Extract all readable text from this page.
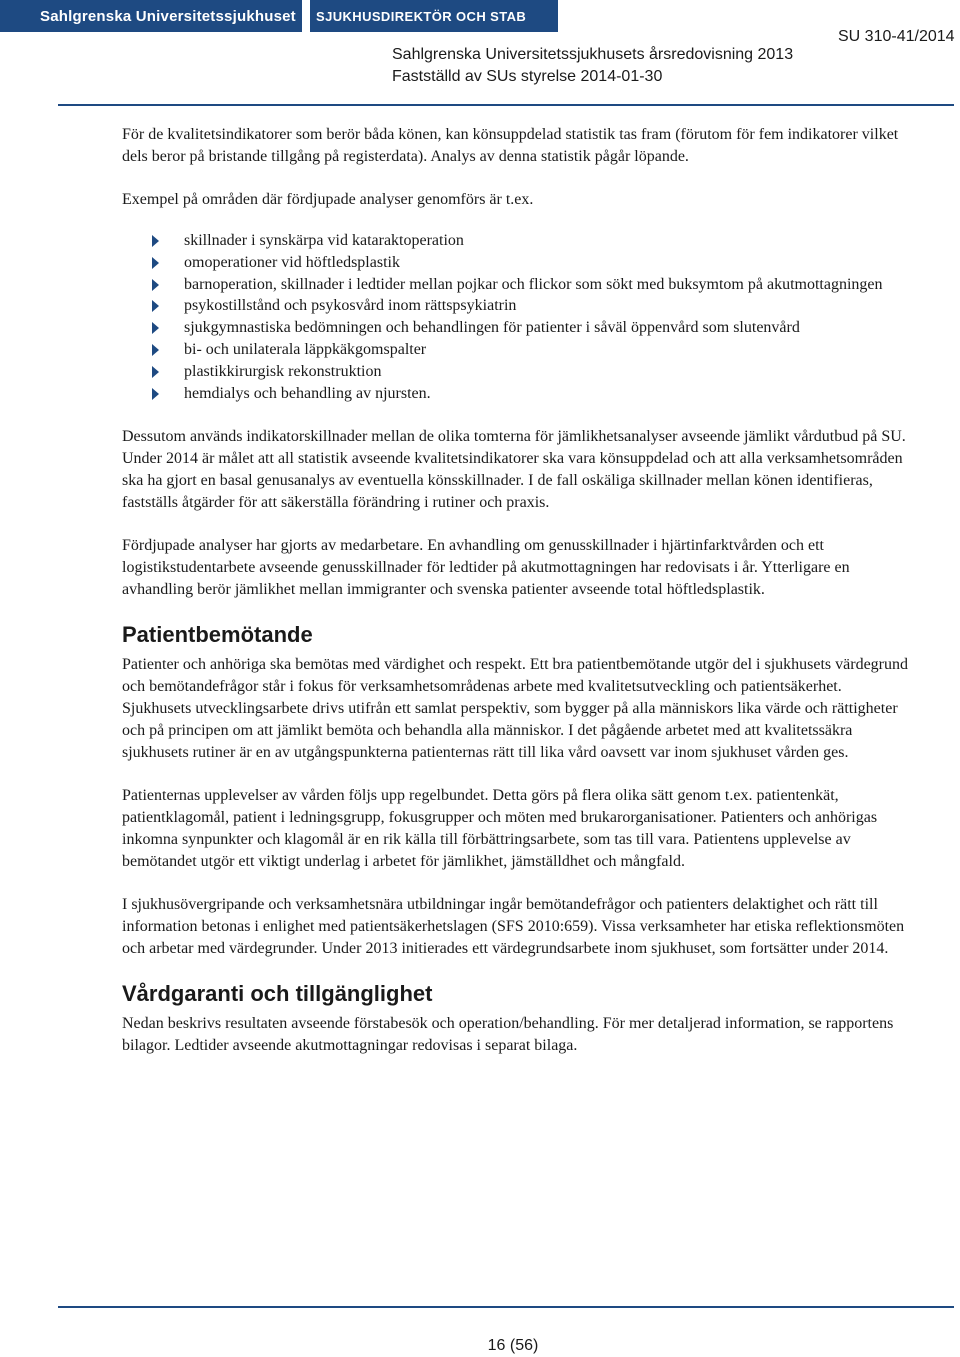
Sahlgrenska Universitetssjukhuset	SJUKHUSDIREKTÖR OCH STAB
SU 310-41/2014
Sahlgrenska Universitetssjukhusets årsredovisning 2013
Fastställd av SUs styrelse 2014-01-30

För de kvalitetsindikatorer som berör båda könen, kan könsuppdelad statistik tas fram (förutom för fem indikatorer vilket dels beror på bristande tillgång på registerdata). Analys av denna statistik pågår löpande.

Exempel på områden där fördjupade analyser genomförs är t.ex.

skillnader i synskärpa vid kataraktoperation
omoperationer vid höftledsplastik
barnoperation, skillnader i ledtider mellan pojkar och flickor som sökt med buksymtom på akutmottagningen
psykostillstånd och psykosvård inom rättspsykiatrin
sjukgymnastiska bedömningen och behandlingen för patienter i såväl öppenvård som slutenvård
bi- och unilaterala läppkäkgomspalter
plastikkirurgisk rekonstruktion
hemdialys och behandling av njursten.

Dessutom används indikatorskillnader mellan de olika tomterna för jämlikhetsanalyser avseende jämlikt vårdutbud på SU. Under 2014 är målet att all statistik avseende kvalitetsindikatorer ska vara könsuppdelad och att alla verksamhetsområden ska ha gjort en basal genusanalys av eventuella könsskillnader. I de fall oskäliga skillnader mellan könen identifieras, fastställs åtgärder för att säkerställa förändring i rutiner och praxis.

Fördjupade analyser har gjorts av medarbetare. En avhandling om genusskillnader i hjärtinfarktvården och ett logistikstudentarbete avseende genusskillnader för ledtider på akutmottagningen har redovisats i år. Ytterligare en avhandling berör jämlikhet mellan immigranter och svenska patienter avseende total höftledsplastik.

Patientbemötande

Patienter och anhöriga ska bemötas med värdighet och respekt. Ett bra patientbemötande utgör del i sjukhusets värdegrund och bemötandefrågor står i fokus för verksamhetsområdenas arbete med kvalitetsutveckling och patientsäkerhet. Sjukhusets utvecklingsarbete drivs utifrån ett samlat perspektiv, som bygger på alla människors lika värde och rättigheter och på principen om att jämlikt bemöta och behandla alla människor. I det pågående arbetet med att kvalitetssäkra sjukhusets rutiner är en av utgångspunkterna patienternas rätt till lika vård oavsett var inom sjukhuset vården ges.

Patienternas upplevelser av vården följs upp regelbundet. Detta görs på flera olika sätt genom t.ex. patientenkät, patientklagomål, patient i ledningsgrupp, fokusgrupper och möten med brukarorganisationer. Patienters och anhörigas inkomna synpunkter och klagomål är en rik källa till förbättringsarbete, som tas till vara. Patientens upplevelse av bemötandet utgör ett viktigt underlag i arbetet för jämlikhet, jämställdhet och mångfald.

I sjukhusövergripande och verksamhetsnära utbildningar ingår bemötandefrågor och patienters delaktighet och rätt till information betonas i enlighet med patientsäkerhetslagen (SFS 2010:659). Vissa verksamheter har etiska reflektionsmöten och arbetar med värdegrunder. Under 2013 initierades ett värdegrundsarbete inom sjukhuset, som fortsätter under 2014.

Vårdgaranti och tillgänglighet

Nedan beskrivs resultaten avseende förstabesök och operation/behandling. För mer detaljerad information, se rapportens bilagor. Ledtider avseende akutmottagningar redovisas i separat bilaga.

16 (56)
